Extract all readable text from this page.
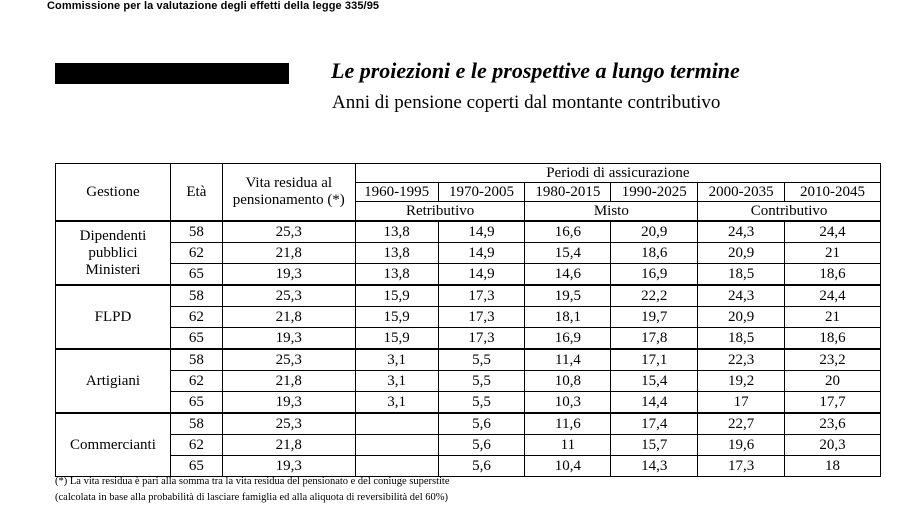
Commissione per la valutazione degli effetti della legge 335/95
Le proiezioni e le prospettive a lungo termine
Anni di pensione coperti dal montante contributivo
Gestione	Età	Vita residua al pensionamento (*)	Periodi di assicurazione					
			1960-1995	1970-2005	1980-2015	1990-2025	2000-2035	2010-2045
			Retributivo		Misto		Contributivo	

Dipendenti
pubblici
Ministeri	58	25,3	13,8	14,9	16,6	20,9	24,3	24,4
	62	21,8	13,8	14,9	15,4	18,6	20,9	21
	65	19,3	13,8	14,9	14,6	16,9	18,5	18,6

FLPD	58	25,3	15,9	17,3	19,5	22,2	24,3	24,4
	62	21,8	15,9	17,3	18,1	19,7	20,9	21
	65	19,3	15,9	17,3	16,9	17,8	18,5	18,6

Artigiani	58	25,3	3,1	5,5	11,4	17,1	22,3	23,2
	62	21,8	3,1	5,5	10,8	15,4	19,2	20
	65	19,3	3,1	5,5	10,3	14,4	17	17,7

Commercianti	58	25,3		5,6	11,6	17,4	22,7	23,6
	62	21,8		5,6	11	15,7	19,6	20,3
	65	19,3		5,6	10,4	14,3	17,3	18
(*) La vita residua è pari alla somma tra la vita residua del pensionato e del coniuge superstite
(calcolata in base alla probabilità di lasciare famiglia ed alla aliquota di reversibilità del 60%)
